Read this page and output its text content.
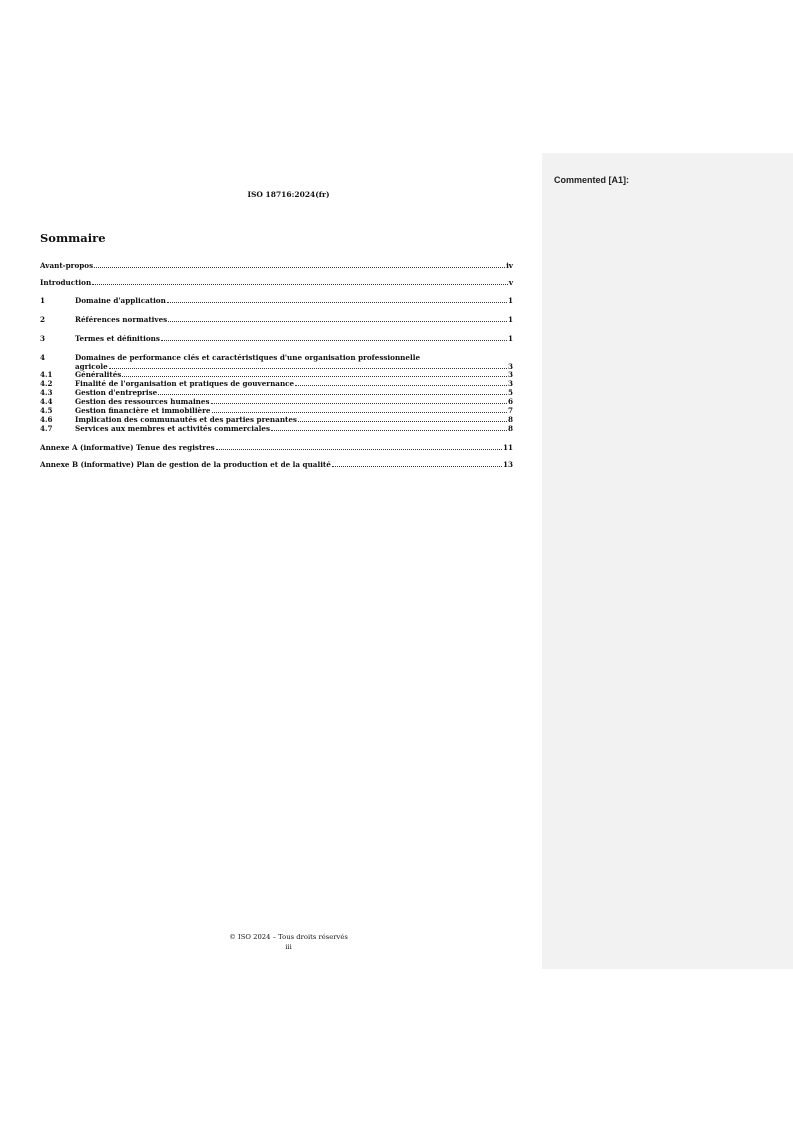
Commented [A1]:
ISO 18716:2024(fr)
Sommaire
Avant-propos	iv
Introduction	v
1	Domaine d'application	1
2	Références normatives	1
3	Termes et définitions	1
4	Domaines de performance clés et caractéristiques d'une organisation professionnelle
agricole	3
4.1	Généralités	3
4.2	Finalité de l'organisation et pratiques de gouvernance	3
4.3	Gestion d'entreprise	5
4.4	Gestion des ressources humaines	6
4.5	Gestion financière et immobilière	7
4.6	Implication des communautés et des parties prenantes	8
4.7	Services aux membres et activités commerciales	8
Annexe A (informative) Tenue des registres	11
Annexe B (informative) Plan de gestion de la production et de la qualité	13
© ISO 2024 – Tous droits réservés
iii
